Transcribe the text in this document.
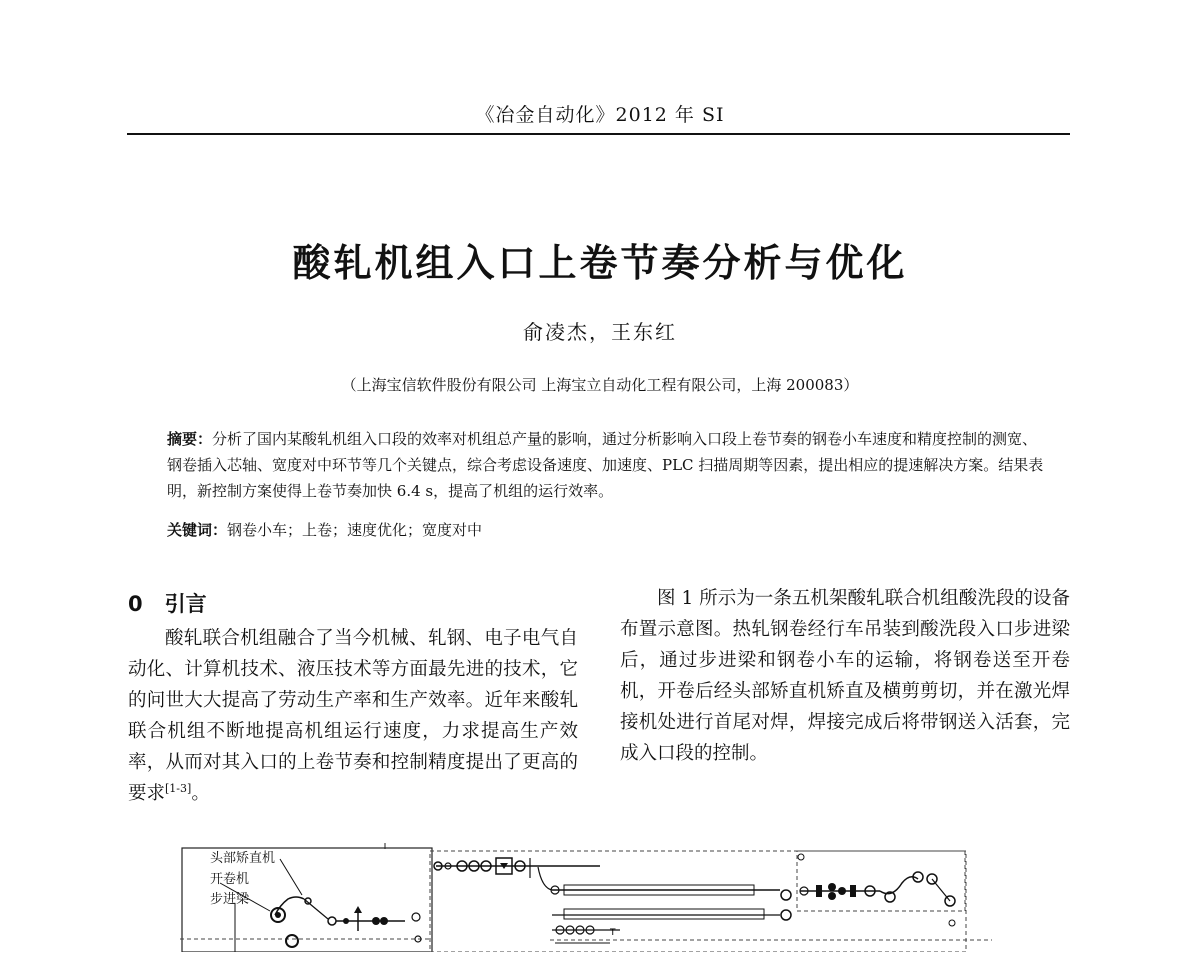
《冶金自动化》2012 年 SI
酸轧机组入口上卷节奏分析与优化
俞凌杰，王东红
（上海宝信软件股份有限公司 上海宝立自动化工程有限公司，上海 200083）
摘要：分析了国内某酸轧机组入口段的效率对机组总产量的影响，通过分析影响入口段上卷节奏的钢卷小车速度和精度控制的测宽、钢卷插入芯轴、宽度对中环节等几个关键点，综合考虑设备速度、加速度、PLC 扫描周期等因素，提出相应的提速解决方案。结果表明，新控制方案使得上卷节奏加快 6.4 s，提高了机组的运行效率。
关键词：钢卷小车；上卷；速度优化；宽度对中
0 引言
酸轧联合机组融合了当今机械、轧钢、电子电气自动化、计算机技术、液压技术等方面最先进的技术，它的问世大大提高了劳动生产率和生产效率。近年来酸轧联合机组不断地提高机组运行速度，力求提高生产效率，从而对其入口的上卷节奏和控制精度提出了更高的要求[1-3]。
图 1 所示为一条五机架酸轧联合机组酸洗段的设备布置示意图。热轧钢卷经行车吊装到酸洗段入口步进梁后，通过步进梁和钢卷小车的运输，将钢卷送至开卷机，开卷后经头部矫直机矫直及横剪剪切，并在激光焊接机处进行首尾对焊，焊接完成后将带钢送入活套，完成入口段的控制。
T
头部矫直机
开卷机
步进梁
